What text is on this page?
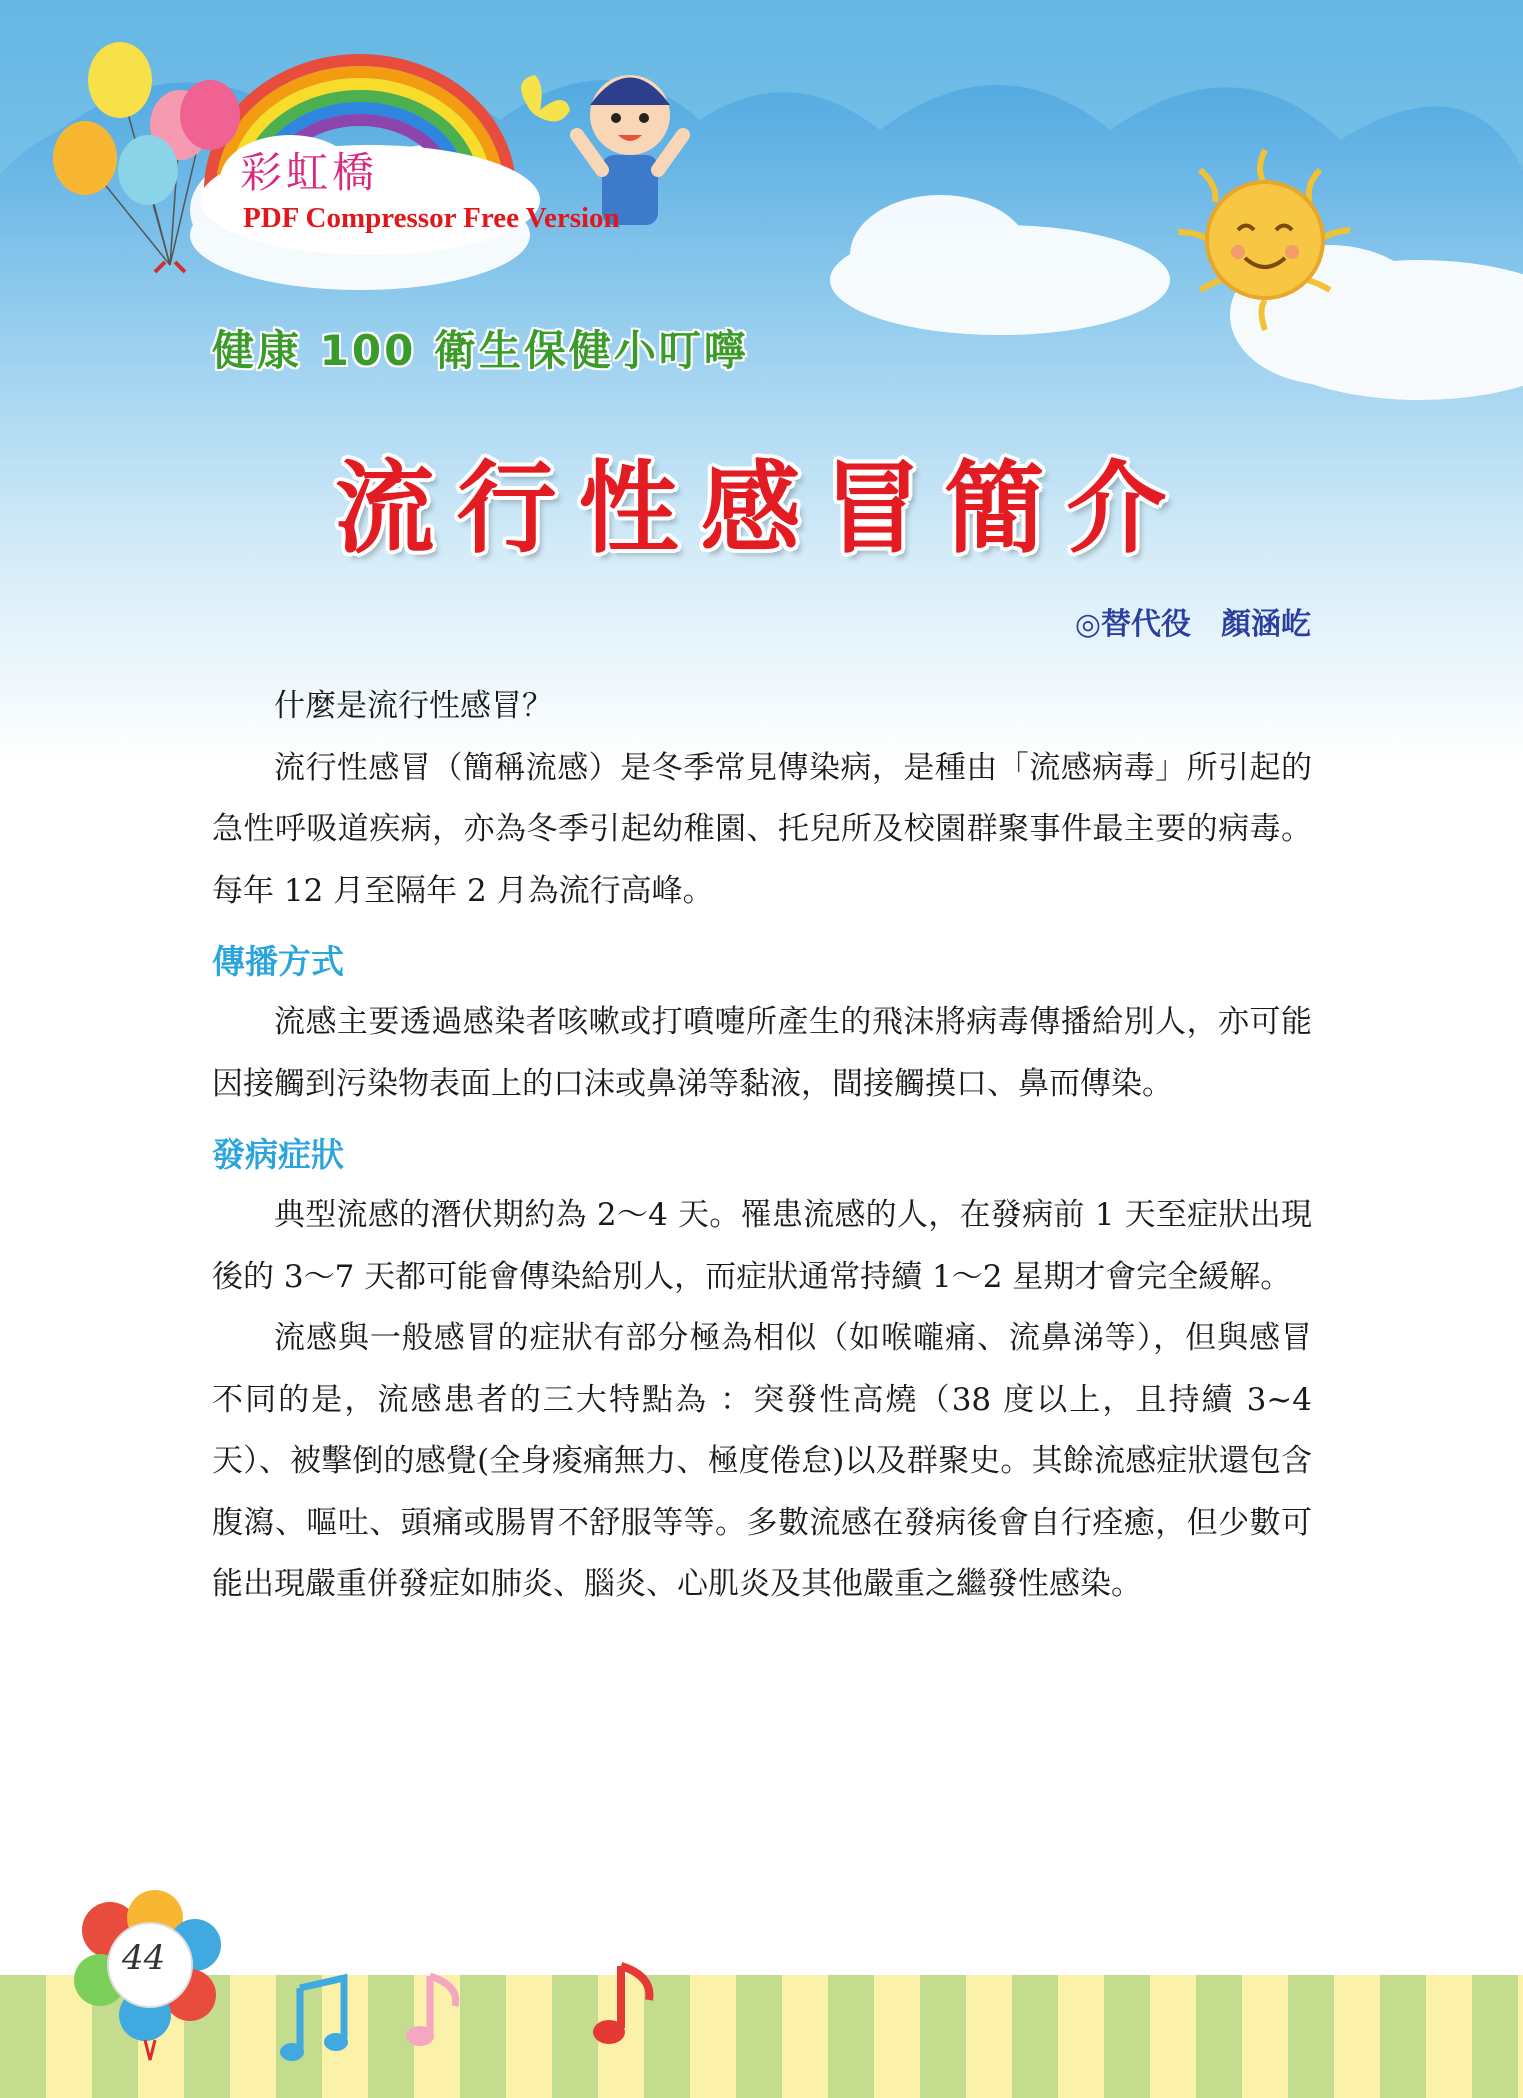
彩虹橋
PDF Compressor Free Version
健康 100 衛生保健小叮嚀
流行性感冒簡介
◎替代役　顏涵屹

什麼是流行性感冒？

流行性感冒（簡稱流感）是冬季常見傳染病，是種由「流感病毒」所引起的急性呼吸道疾病，亦為冬季引起幼稚園、托兒所及校園群聚事件最主要的病毒。每年 12 月至隔年 2 月為流行高峰。

傳播方式

流感主要透過感染者咳嗽或打噴嚏所產生的飛沫將病毒傳播給別人，亦可能因接觸到污染物表面上的口沫或鼻涕等黏液，間接觸摸口、鼻而傳染。

發病症狀

典型流感的潛伏期約為 2～4 天。罹患流感的人，在發病前 1 天至症狀出現後的 3～7 天都可能會傳染給別人，而症狀通常持續 1～2 星期才會完全緩解。

流感與一般感冒的症狀有部分極為相似（如喉嚨痛、流鼻涕等），但與感冒不同的是，流感患者的三大特點為 ：突發性高燒（38 度以上，且持續 3~4 天）、被擊倒的感覺(全身痠痛無力、極度倦怠)以及群聚史。其餘流感症狀還包含腹瀉、嘔吐、頭痛或腸胃不舒服等等。多數流感在發病後會自行痊癒，但少數可能出現嚴重併發症如肺炎、腦炎、心肌炎及其他嚴重之繼發性感染。

44
